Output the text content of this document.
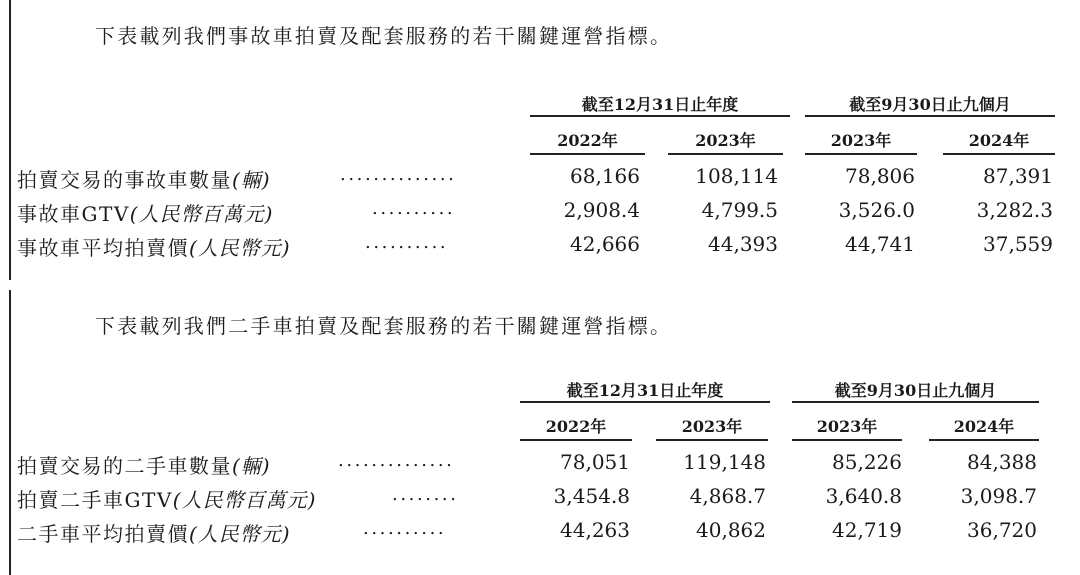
下表載列我們事故車拍賣及配套服務的若干關鍵運營指標。
截至12月31日止年度	截至9月30日止九個月
2022年	2023年	2023年	2024年
拍賣交易的事故車數量(輛)	..............	68,166	108,114	78,806	87,391
事故車GTV(人民幣百萬元)	..........	2,908.4	4,799.5	3,526.0	3,282.3
事故車平均拍賣價(人民幣元)	..........	42,666	44,393	44,741	37,559
下表載列我們二手車拍賣及配套服務的若干關鍵運營指標。
截至12月31日止年度	截至9月30日止九個月
2022年	2023年	2023年	2024年
拍賣交易的二手車數量(輛)	..............	78,051	119,148	85,226	84,388
拍賣二手車GTV(人民幣百萬元)	........	3,454.8	4,868.7	3,640.8	3,098.7
二手車平均拍賣價(人民幣元)	..........	44,263	40,862	42,719	36,720
